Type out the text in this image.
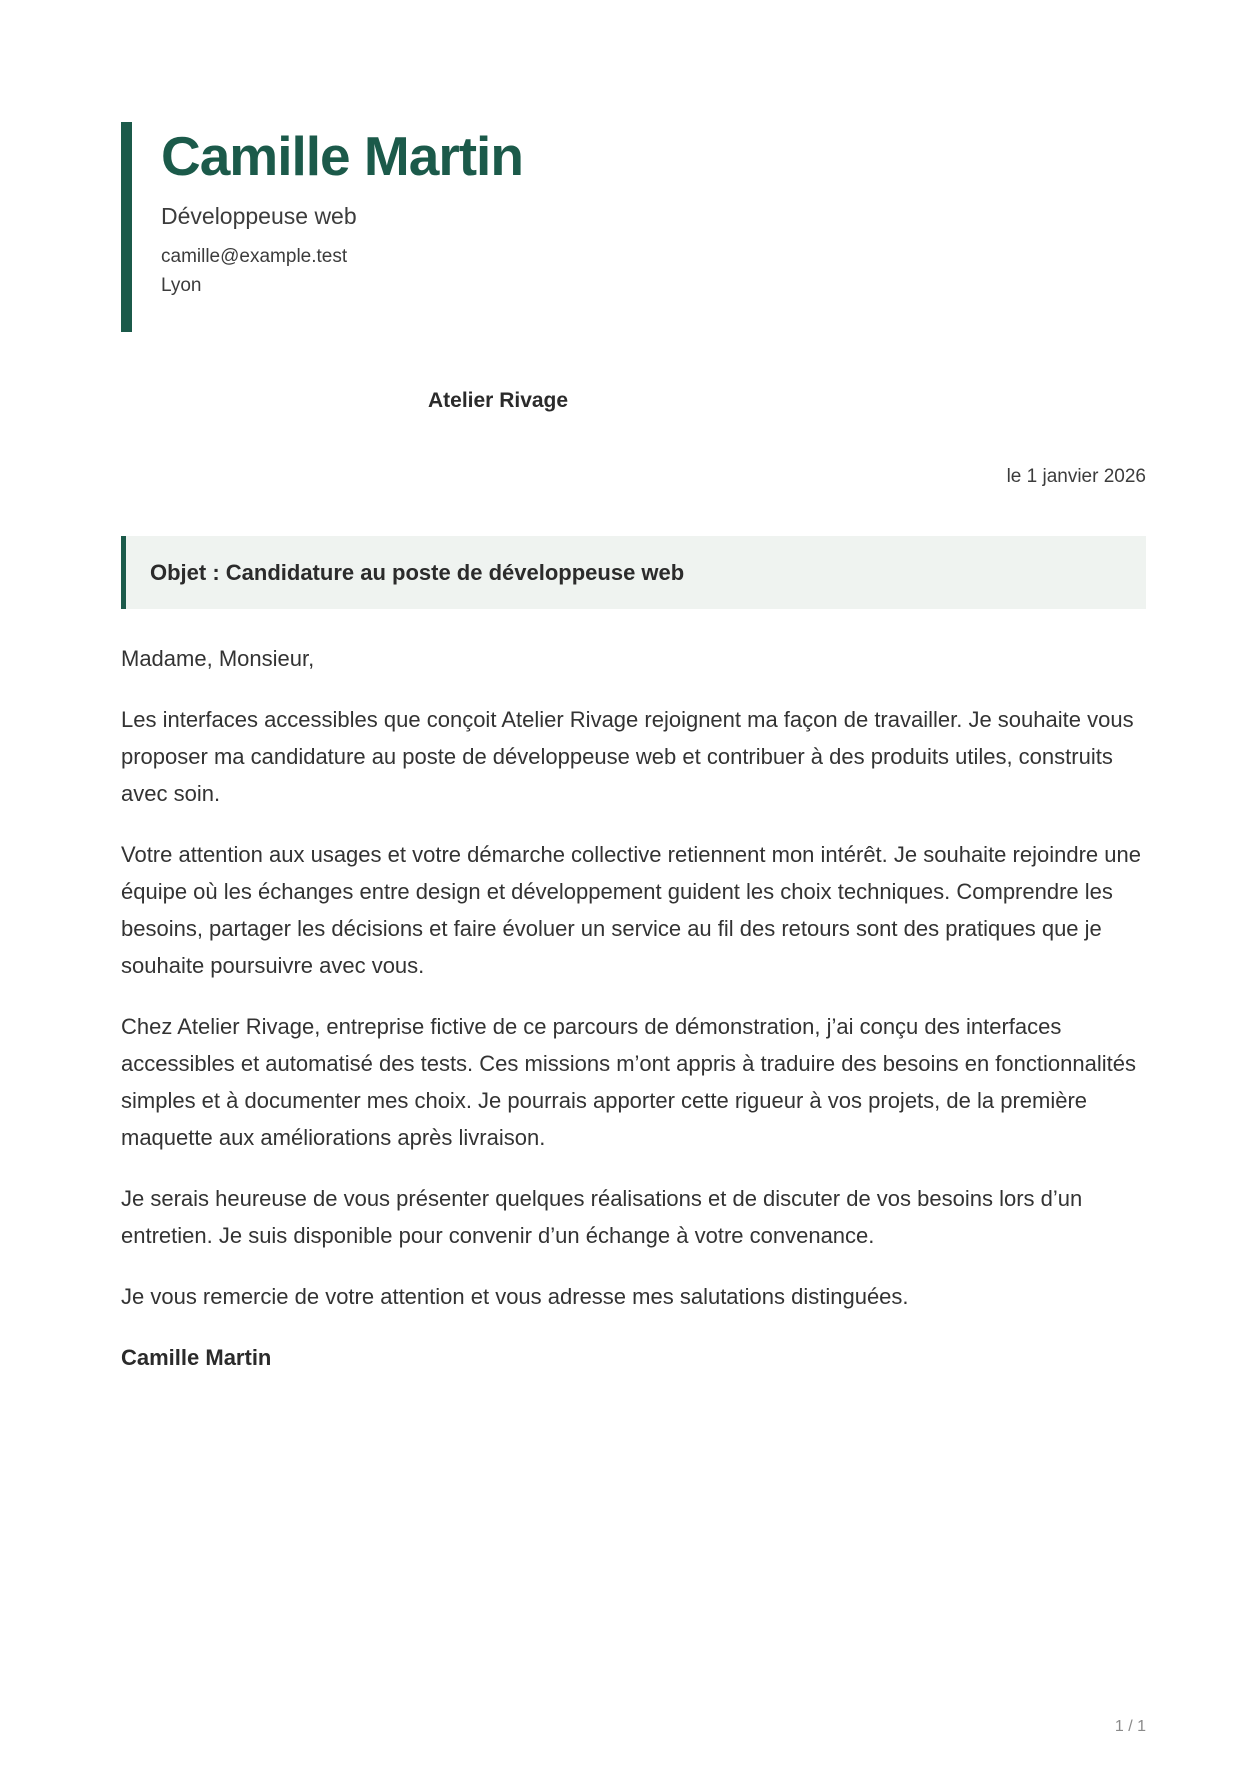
Camille Martin
Développeuse web
camille@example.test
Lyon
Atelier Rivage
le 1 janvier 2026
Objet : Candidature au poste de développeuse web

Madame, Monsieur,

Les interfaces accessibles que conçoit Atelier Rivage rejoignent ma façon de travailler. Je souhaite vous proposer ma candidature au poste de développeuse web et contribuer à des produits utiles, construits avec soin.

Votre attention aux usages et votre démarche collective retiennent mon intérêt. Je souhaite rejoindre une équipe où les échanges entre design et développement guident les choix techniques. Comprendre les besoins, partager les décisions et faire évoluer un service au fil des retours sont des pratiques que je souhaite poursuivre avec vous.

Chez Atelier Rivage, entreprise fictive de ce parcours de démonstration, j’ai conçu des interfaces accessibles et automatisé des tests. Ces missions m’ont appris à traduire des besoins en fonctionnalités simples et à documenter mes choix. Je pourrais apporter cette rigueur à vos projets, de la première maquette aux améliorations après livraison.

Je serais heureuse de vous présenter quelques réalisations et de discuter de vos besoins lors d’un entretien. Je suis disponible pour convenir d’un échange à votre convenance.

Je vous remercie de votre attention et vous adresse mes salutations distinguées.

Camille Martin

1 / 1
